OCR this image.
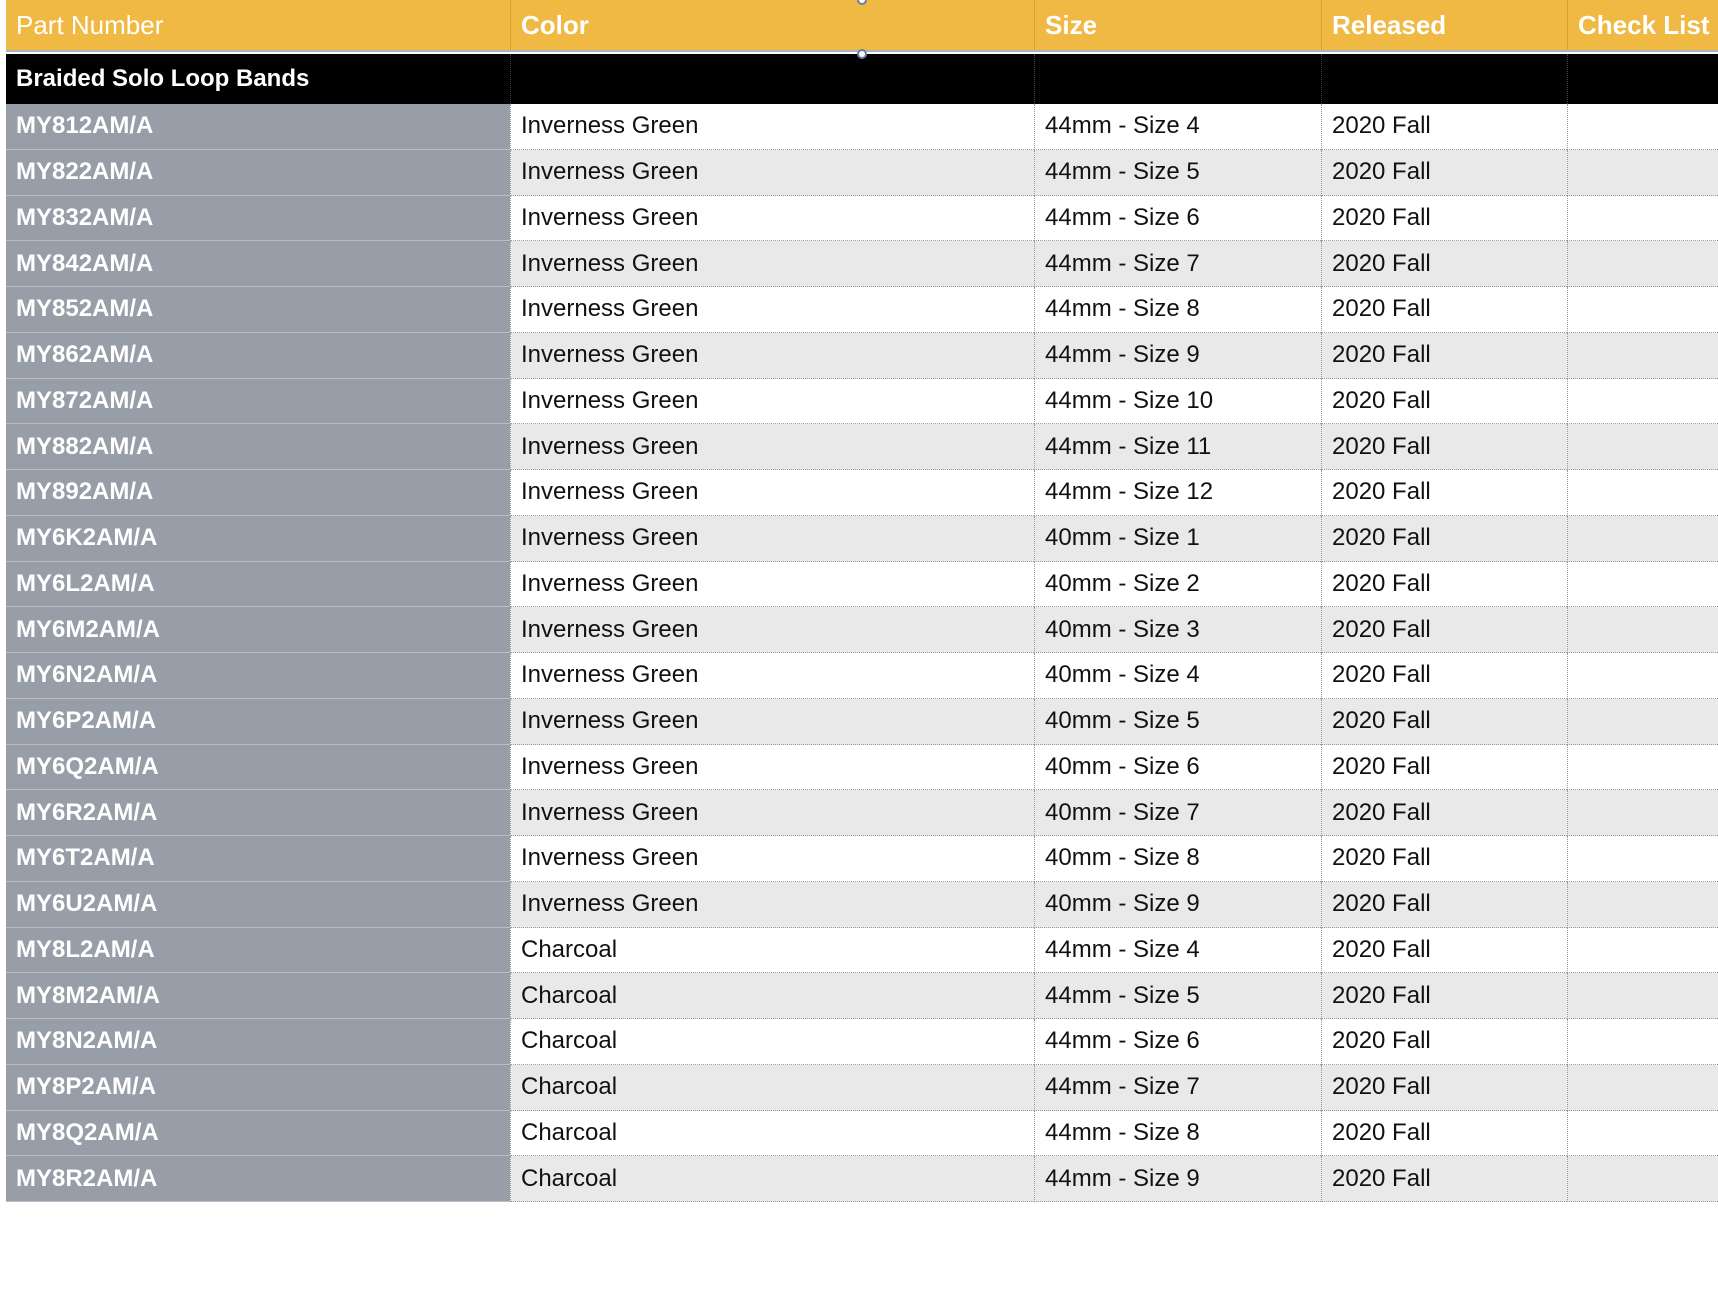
Part Number	Color	Size	Released	Check List
Braided Solo Loop Bands
MY812AM/A	Inverness Green	44mm - Size 4	2020 Fall
MY822AM/A	Inverness Green	44mm - Size 5	2020 Fall
MY832AM/A	Inverness Green	44mm - Size 6	2020 Fall
MY842AM/A	Inverness Green	44mm - Size 7	2020 Fall
MY852AM/A	Inverness Green	44mm - Size 8	2020 Fall
MY862AM/A	Inverness Green	44mm - Size 9	2020 Fall
MY872AM/A	Inverness Green	44mm - Size 10	2020 Fall
MY882AM/A	Inverness Green	44mm - Size 11	2020 Fall
MY892AM/A	Inverness Green	44mm - Size 12	2020 Fall
MY6K2AM/A	Inverness Green	40mm - Size 1	2020 Fall
MY6L2AM/A	Inverness Green	40mm - Size 2	2020 Fall
MY6M2AM/A	Inverness Green	40mm - Size 3	2020 Fall
MY6N2AM/A	Inverness Green	40mm - Size 4	2020 Fall
MY6P2AM/A	Inverness Green	40mm - Size 5	2020 Fall
MY6Q2AM/A	Inverness Green	40mm - Size 6	2020 Fall
MY6R2AM/A	Inverness Green	40mm - Size 7	2020 Fall
MY6T2AM/A	Inverness Green	40mm - Size 8	2020 Fall
MY6U2AM/A	Inverness Green	40mm - Size 9	2020 Fall
MY8L2AM/A	Charcoal	44mm - Size 4	2020 Fall
MY8M2AM/A	Charcoal	44mm - Size 5	2020 Fall
MY8N2AM/A	Charcoal	44mm - Size 6	2020 Fall
MY8P2AM/A	Charcoal	44mm - Size 7	2020 Fall
MY8Q2AM/A	Charcoal	44mm - Size 8	2020 Fall
MY8R2AM/A	Charcoal	44mm - Size 9	2020 Fall
